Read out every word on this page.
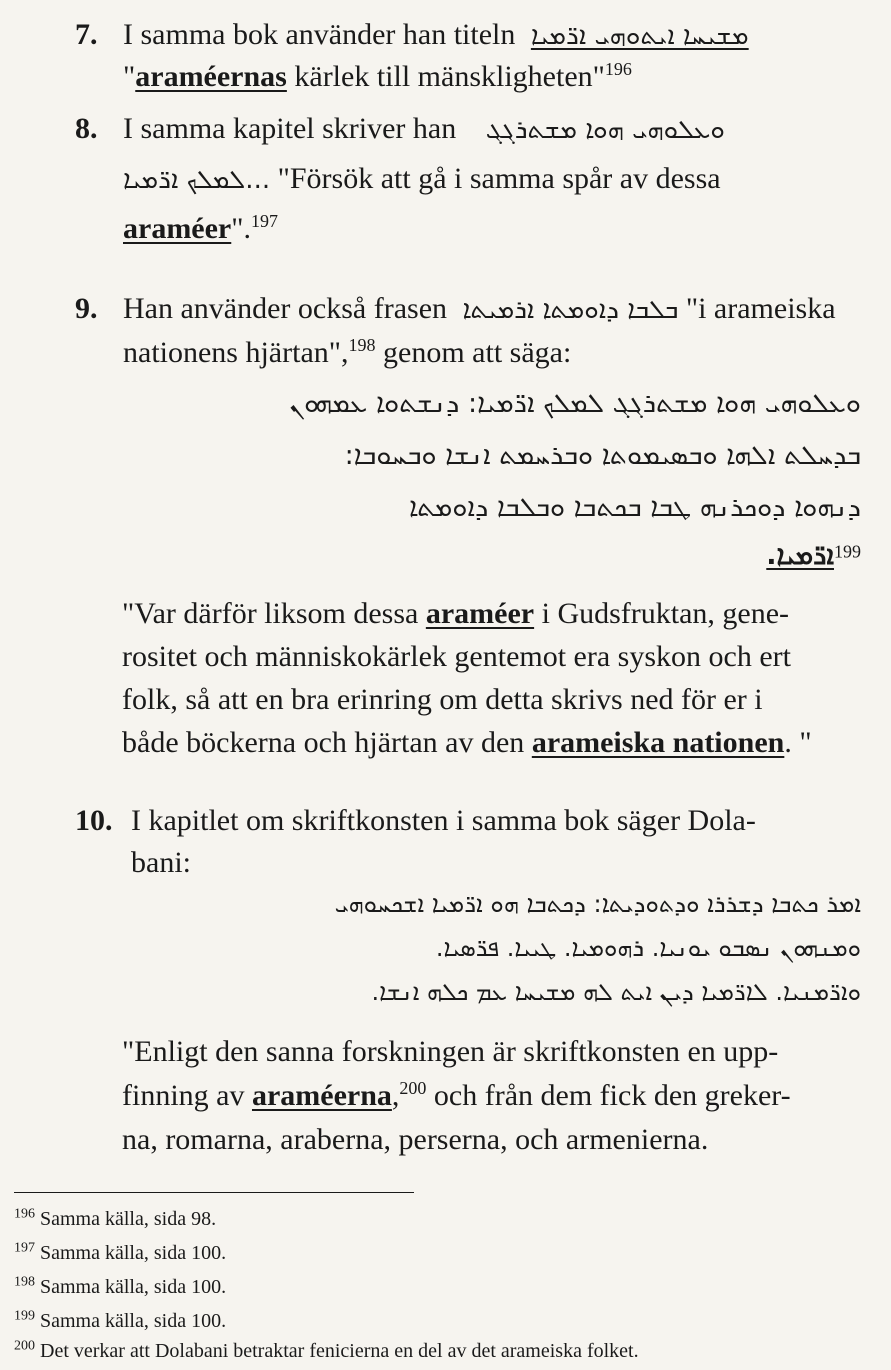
7. I samma bok använder han titeln ܡܫܝܚܐ ܐܝܬܘܗܝ ܐܪ̈ܡܝܐ
"araméernas kärlek till mänskligheten"$^{196}$
8. I samma kapitel skriver han ܘܥܠܘܗܝ ܗܘܐ ܡܫܬܪܓܓ
...ܠܡܠܟ ܐܪ̈ܡܝܐ "Försök att gå i samma spår av dessa
araméer".$^{197}$
9. Han använder också frasen ܒܠܒܐ ܕܐܘܡܬܐ ܐܪܡܝܬܐ "i arameiska
nationens hjärtan",$^{198}$ genom att säga:
ܘܥܠܘܗܝ ܗܘܐ ܡܫܬܪܓܓ ܠܡܠܟ ܐܪ̈ܡܝܐ: ܕܢܫܬܘܐ ܥܡܗܘܢ
ܒܕܚܠܬ ܐܠܗܐ ܘܒܣܝܡܘܬܐ ܘܒܪܚܡܬ ܐܢܫܐ ܘܒܚܘܒܐ:
ܕܢܗܘܐ ܕܘܟܪܢܗ ܛܒܐ ܒܟܬܒܐ ܘܒܠܒܐ ܕܐܘܡܬܐ
ܐܪ̈ܡܝܐ.$^{199}$
"Var därför liksom dessa araméer i Gudsfruktan, gene-
rositet och människokärlek gentemot era syskon och ert
folk, så att en bra erinring om detta skrivs ned för er i
både böckerna och hjärtan av den arameiska nationen. "
10. I kapitlet om skriftkonsten i samma bok säger Dola-
bani:
ܐܡܪ ܟܬܒܐ ܕܫܪܪܐ ܘܕܬܘܕܝܬܐ: ܕܟܬܒܐ ܗܘ ܐܪ̈ܡܝܐ ܐܫܟܚܘܗܝ
ܘܡܢܗܘܢ ܢܣܒܘ ܝܘܢܝܐ. ܪܗܘܡܝܐ. ܛܝܝܐ. ܦܪ̈ܣܝܐ.
ܘܐܪ̈ܡܢܝܐ. ܠܐܪ̈ܡܝܐ ܕܝܢ ܐܝܬ ܠܗ ܡܫܝܚܐ ܥܡ ܟܠܗ ܐܢܫܐ.
"Enligt den sanna forskningen är skriftkonsten en upp-
finning av araméerna,$^{200}$ och från dem fick den greker-
na, romarna, araberna, perserna, och armenierna.
$^{196}$ Samma källa, sida 98.
$^{197}$ Samma källa, sida 100.
$^{198}$ Samma källa, sida 100.
$^{199}$ Samma källa, sida 100.
$^{200}$ Det verkar att Dolabani betraktar fenicierna en del av det arameiska folket.
